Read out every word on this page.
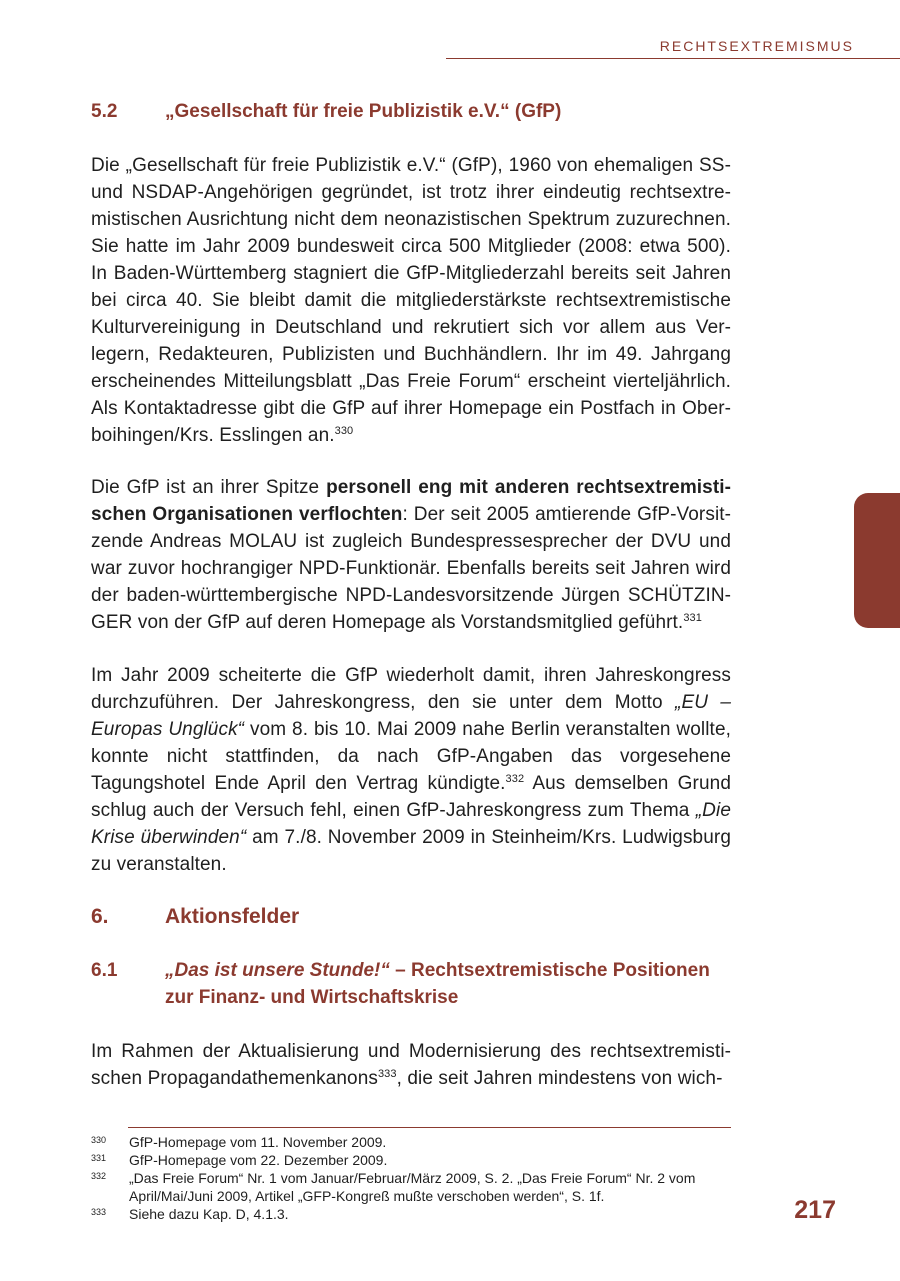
RECHTSEXTREMISMUS
5.2	„Gesellschaft für freie Publizistik e.V.“ (GfP)
Die „Gesellschaft für freie Publizistik e.V.“ (GfP), 1960 von ehemaligen SS- und NSDAP-Angehörigen gegründet, ist trotz ihrer eindeutig rechtsextremistischen Ausrichtung nicht dem neonazistischen Spektrum zuzurechnen. Sie hatte im Jahr 2009 bundesweit circa 500 Mitglieder (2008: etwa 500). In Baden-Württemberg stagniert die GfP-Mitgliederzahl bereits seit Jahren bei circa 40. Sie bleibt damit die mitgliederstärkste rechtsextremistische Kulturvereinigung in Deutschland und rekrutiert sich vor allem aus Verlegern, Redakteuren, Publizisten und Buchhändlern. Ihr im 49. Jahrgang erscheinendes Mitteilungsblatt „Das Freie Forum“ erscheint vierteljährlich. Als Kontaktadresse gibt die GfP auf ihrer Homepage ein Postfach in Oberboihingen/Krs. Esslingen an.$^{330}$
Die GfP ist an ihrer Spitze personell eng mit anderen rechtsextremistischen Organisationen verflochten: Der seit 2005 amtierende GfP-Vorsitzende Andreas MOLAU ist zugleich Bundespressesprecher der DVU und war zuvor hochrangiger NPD-Funktionär. Ebenfalls bereits seit Jahren wird der baden-württembergische NPD-Landesvorsitzende Jürgen SCHÜTZINGER von der GfP auf deren Homepage als Vorstandsmitglied geführt.$^{331}$
Im Jahr 2009 scheiterte die GfP wiederholt damit, ihren Jahreskongress durchzuführen. Der Jahreskongress, den sie unter dem Motto „EU – Europas Unglück“ vom 8. bis 10. Mai 2009 nahe Berlin veranstalten wollte, konnte nicht stattfinden, da nach GfP-Angaben das vorgesehene Tagungshotel Ende April den Vertrag kündigte.$^{332}$ Aus demselben Grund schlug auch der Versuch fehl, einen GfP-Jahreskongress zum Thema „Die Krise überwinden“ am 7./8. November 2009 in Steinheim/Krs. Ludwigsburg zu veranstalten.
6.	Aktionsfelder
6.1	„Das ist unsere Stunde!“ – Rechtsextremistische Positionen
zur Finanz- und Wirtschaftskrise
Im Rahmen der Aktualisierung und Modernisierung des rechtsextremistischen Propagandathemenkanons$^{333}$, die seit Jahren mindestens von wich-
330 GfP-Homepage vom 11. November 2009.
331 GfP-Homepage vom 22. Dezember 2009.
332 „Das Freie Forum“ Nr. 1 vom Januar/Februar/März 2009, S. 2. „Das Freie Forum“ Nr. 2 vom April/Mai/Juni 2009, Artikel „GFP-Kongreß mußte verschoben werden“, S. 1f.
333 Siehe dazu Kap. D, 4.1.3.	217
